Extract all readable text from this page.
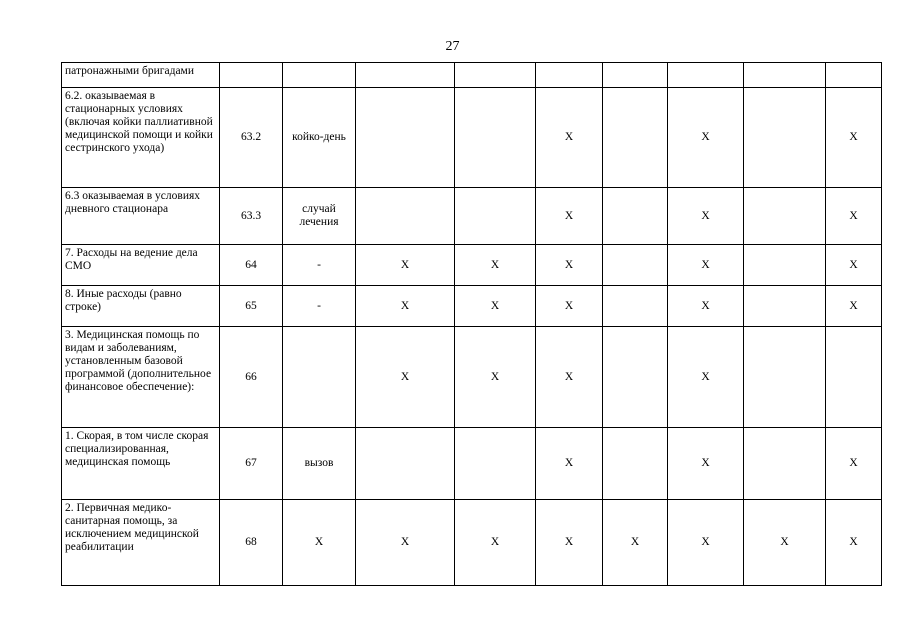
27
патронажными бригадами									
6.2. оказываемая в стационарных условиях (включая койки паллиативной медицинской помощи и койки сестринского ухода)	63.2	койко-день			Х		Х		Х
6.3 оказываемая в условиях дневного стационара	63.3	случай лечения			Х		Х		Х
7. Расходы на ведение дела СМО	64	-	Х	Х	Х		Х		Х
8. Иные расходы (равно строке)	65	-	Х	Х	Х		Х		Х
3. Медицинская помощь по видам и заболеваниям, установленным базовой программой (дополнительное финансовое обеспечение):	66		Х	Х	Х		Х		
1. Скорая, в том числе скорая специализированная, медицинская помощь	67	вызов			Х		Х		Х
2. Первичная медико-санитарная помощь, за исключением медицинской реабилитации	68	Х	Х	Х	Х	Х	Х	Х	Х
